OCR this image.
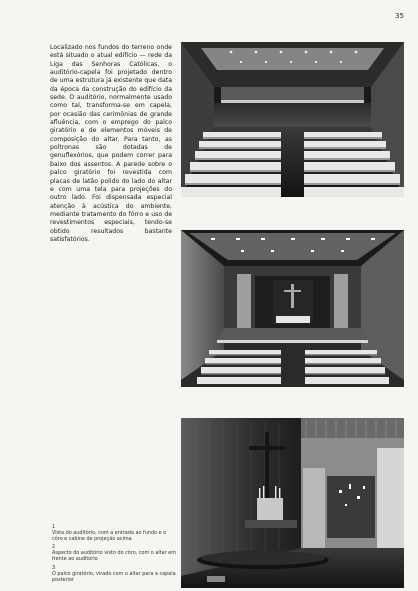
35
Localizado nos fundos do terreno onde está situado o atual edifício — rede da Liga das Senhoras Católicas, o auditório-capela foi projetado dentro de uma estrutura já existente que data da época da construção do edifício da sede. O auditório, normalmente usado como tal, transforma-se em capela, por ocasião das cerimônias de grande afluência, com o emprego do palco giratório e de elementos móveis de composição do altar. Para tanto, as poltronas são dotadas de genuflexórios, que podem correr para baixo dos assentos. A parede sobre o palco giratório foi revestida com placas de latão polido do lado do altar e com uma tela para projeções do outro lado. Foi dispensada especial atenção à acústica do ambiente, mediante tratamento do fôrro e uso de revestimentos especiais, tendo-se obtido resultados bastante satisfatórios.
1
Vista do auditório, com a entrada ao fundo e o côro e cabine de projeção acima
2
Aspecto do auditório visto do côro, com o altar em frente ao auditório
3
O palco giratório, virado com o altar para a capela posterior
